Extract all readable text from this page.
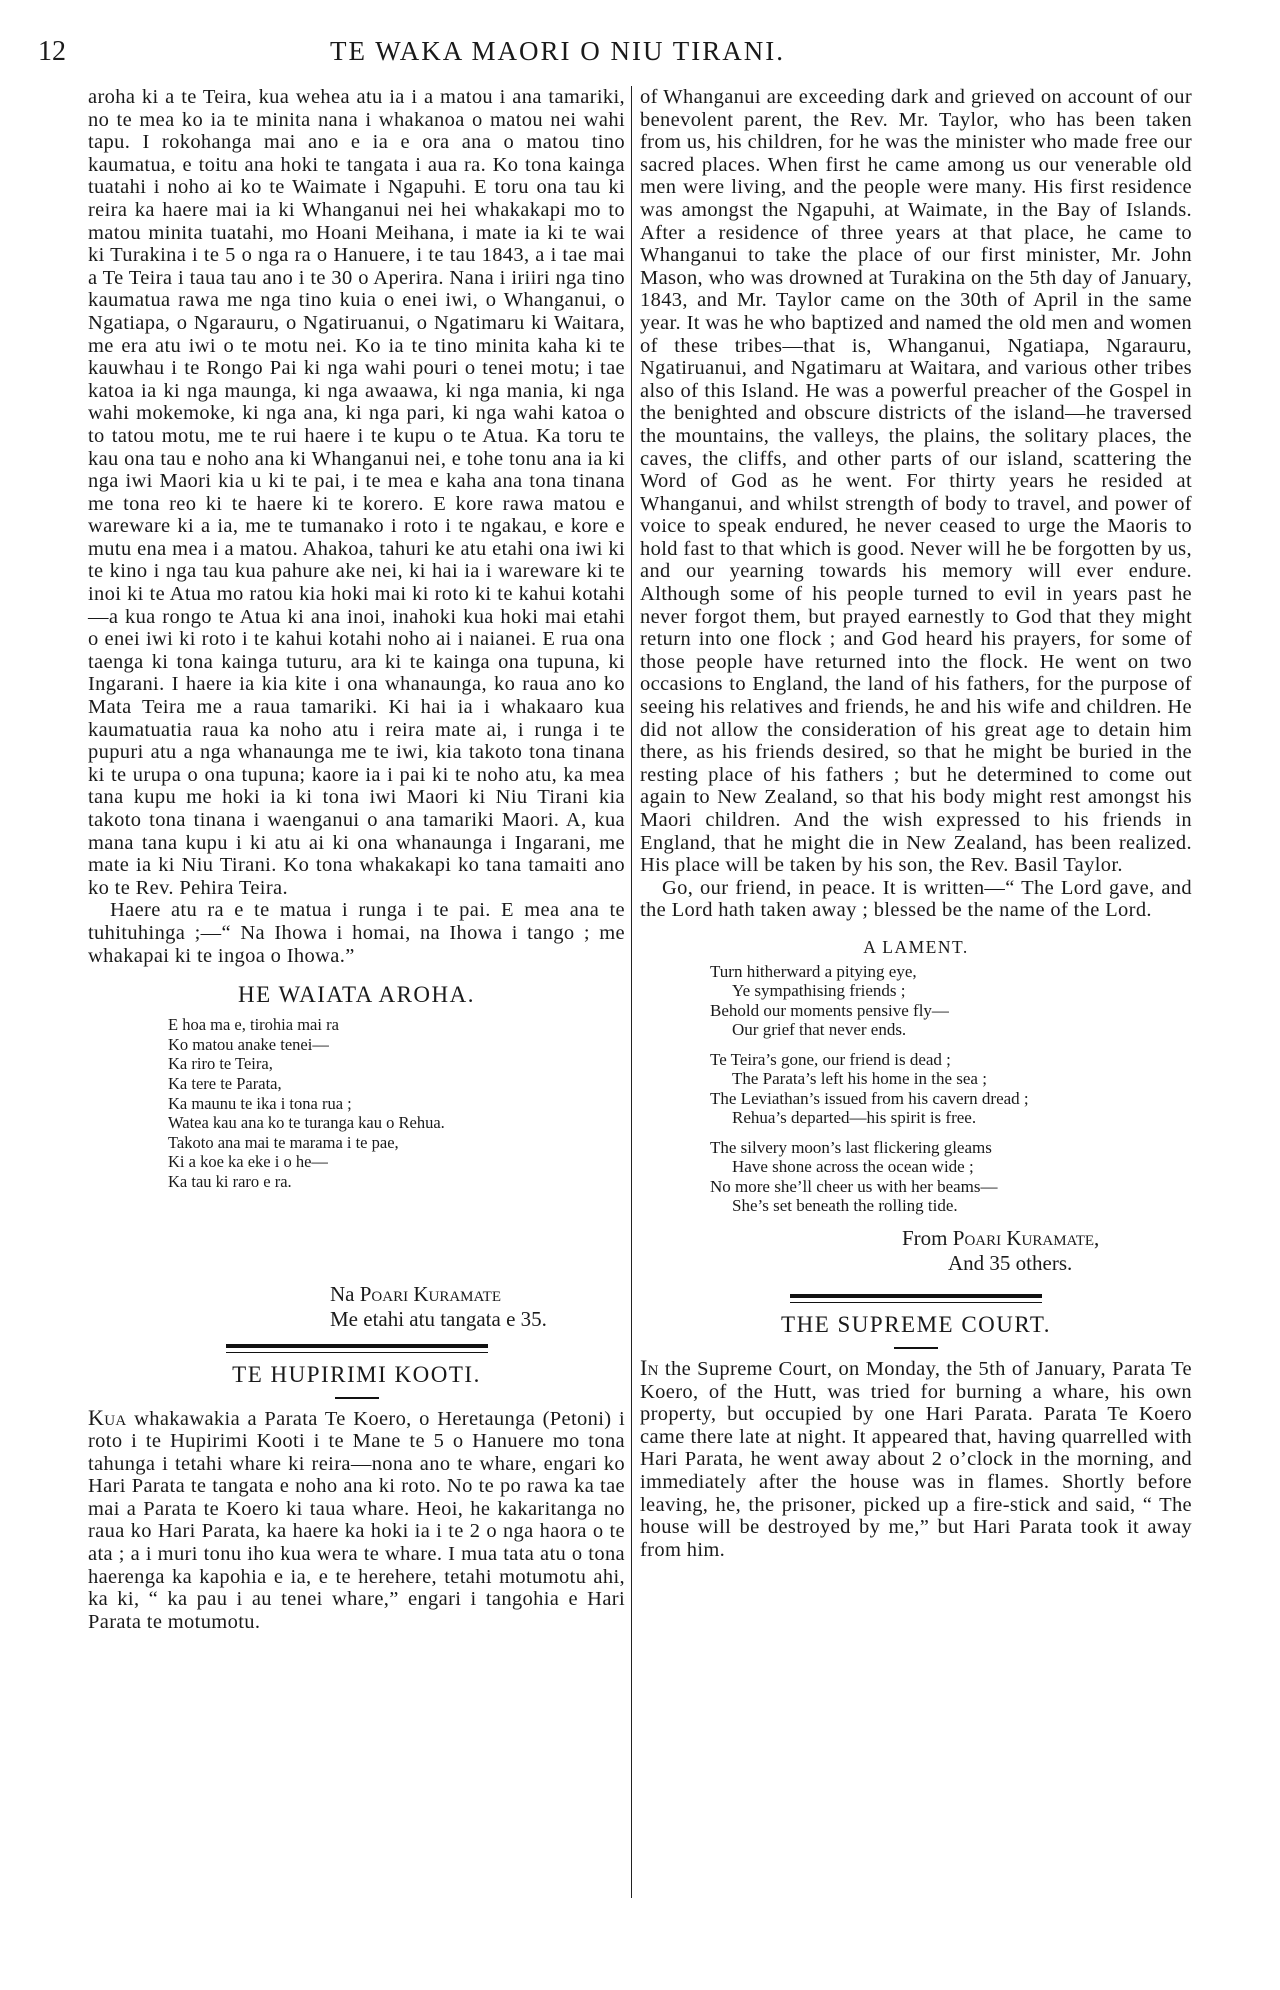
12	TE WAKA MAORI O NIU TIRANI.

aroha ki a te Teira, kua wehea atu ia i a matou i ana tamariki, no te mea ko ia te minita nana i whakanoa o matou nei wahi tapu. I rokohanga mai ano e ia e ora ana o matou tino kaumatua, e toitu ana hoki te tangata i aua ra. Ko tona kainga tuatahi i noho ai ko te Waimate i Ngapuhi. E toru ona tau ki reira ka haere mai ia ki Whanganui nei hei whakakapi mo to matou minita tuatahi, mo Hoani Meihana, i mate ia ki te wai ki Turakina i te 5 o nga ra o Hanuere, i te tau 1843, a i tae mai a Te Teira i taua tau ano i te 30 o Aperira. Nana i iriiri nga tino kaumatua rawa me nga tino kuia o enei iwi, o Whanganui, o Ngatiapa, o Ngarauru, o Ngatiruanui, o Ngatimaru ki Waitara, me era atu iwi o te motu nei. Ko ia te tino minita kaha ki te kauwhau i te Rongo Pai ki nga wahi pouri o tenei motu; i tae katoa ia ki nga maunga, ki nga awaawa, ki nga mania, ki nga wahi mokemoke, ki nga ana, ki nga pari, ki nga wahi katoa o to tatou motu, me te rui haere i te kupu o te Atua. Ka toru te kau ona tau e noho ana ki Whanganui nei, e tohe tonu ana ia ki nga iwi Maori kia u ki te pai, i te mea e kaha ana tona tinana me tona reo ki te haere ki te korero. E kore rawa matou e wareware ki a ia, me te tumanako i roto i te ngakau, e kore e mutu ena mea i a matou. Ahakoa, tahuri ke atu etahi ona iwi ki te kino i nga tau kua pahure ake nei, ki hai ia i wareware ki te inoi ki te Atua mo ratou kia hoki mai ki roto ki te kahui kotahi—a kua rongo te Atua ki ana inoi, inahoki kua hoki mai etahi o enei iwi ki roto i te kahui kotahi noho ai i naianei. E rua ona taenga ki tona kainga tuturu, ara ki te kainga ona tupuna, ki Ingarani. I haere ia kia kite i ona whanaunga, ko raua ano ko Mata Teira me a raua tamariki. Ki hai ia i whakaaro kua kaumatuatia raua ka noho atu i reira mate ai, i runga i te pupuri atu a nga whanaunga me te iwi, kia takoto tona tinana ki te urupa o ona tupuna; kaore ia i pai ki te noho atu, ka mea tana kupu me hoki ia ki tona iwi Maori ki Niu Tirani kia takoto tona tinana i waenganui o ana tamariki Maori. A, kua mana tana kupu i ki atu ai ki ona whanaunga i Ingarani, me mate ia ki Niu Tirani. Ko tona whakakapi ko tana tamaiti ano ko te Rev. Pehira Teira.

Haere atu ra e te matua i runga i te pai. E mea ana te tuhituhinga ;—“ Na Ihowa i homai, na Ihowa i tango ; me whakapai ki te ingoa o Ihowa.”

HE WAIATA AROHA.
E hoa ma e, tirohia mai ra
Ko matou anake tenei—
Ka riro te Teira,
Ka tere te Parata,
Ka maunu te ika i tona rua ;
Watea kau ana ko te turanga kau o Rehua.
Takoto ana mai te marama i te pae,
Ki a koe ka eke i o he—
Ka tau ki raro e ra.
Na Poari Kuramate
Me etahi atu tangata e 35.
TE HUPIRIMI KOOTI.

Kua whakawakia a Parata Te Koero, o Heretaunga (Petoni) i roto i te Hupirimi Kooti i te Mane te 5 o Hanuere mo tona tahunga i tetahi whare ki reira—nona ano te whare, engari ko Hari Parata te tangata e noho ana ki roto. No te po rawa ka tae mai a Parata te Koero ki taua whare. Heoi, he kakaritanga no raua ko Hari Parata, ka haere ka hoki ia i te 2 o nga haora o te ata ; a i muri tonu iho kua wera te whare. I mua tata atu o tona haerenga ka kapohia e ia, e te herehere, tetahi motumotu ahi, ka ki, “ ka pau i au tenei whare,” engari i tangohia e Hari Parata te motumotu.

of Whanganui are exceeding dark and grieved on account of our benevolent parent, the Rev. Mr. Taylor, who has been taken from us, his children, for he was the minister who made free our sacred places. When first he came among us our venerable old men were living, and the people were many. His first residence was amongst the Ngapuhi, at Waimate, in the Bay of Islands. After a residence of three years at that place, he came to Whanganui to take the place of our first minister, Mr. John Mason, who was drowned at Turakina on the 5th day of January, 1843, and Mr. Taylor came on the 30th of April in the same year. It was he who baptized and named the old men and women of these tribes—that is, Whanganui, Ngatiapa, Ngarauru, Ngatiruanui, and Ngatimaru at Waitara, and various other tribes also of this Island. He was a powerful preacher of the Gospel in the benighted and obscure districts of the island—he traversed the mountains, the valleys, the plains, the solitary places, the caves, the cliffs, and other parts of our island, scattering the Word of God as he went. For thirty years he resided at Whanganui, and whilst strength of body to travel, and power of voice to speak endured, he never ceased to urge the Maoris to hold fast to that which is good. Never will he be forgotten by us, and our yearning towards his memory will ever endure. Although some of his people turned to evil in years past he never forgot them, but prayed earnestly to God that they might return into one flock ; and God heard his prayers, for some of those people have returned into the flock. He went on two occasions to England, the land of his fathers, for the purpose of seeing his relatives and friends, he and his wife and children. He did not allow the consideration of his great age to detain him there, as his friends desired, so that he might be buried in the resting place of his fathers ; but he determined to come out again to New Zealand, so that his body might rest amongst his Maori children. And the wish expressed to his friends in England, that he might die in New Zealand, has been realized. His place will be taken by his son, the Rev. Basil Taylor.

Go, our friend, in peace. It is written—“ The Lord gave, and the Lord hath taken away ; blessed be the name of the Lord.

A LAMENT.
Turn hitherward a pitying eye,
Ye sympathising friends ;
Behold our moments pensive fly—
Our grief that never ends.
Te Teira’s gone, our friend is dead ;
The Parata’s left his home in the sea ;
The Leviathan’s issued from his cavern dread ;
Rehua’s departed—his spirit is free.
The silvery moon’s last flickering gleams
Have shone across the ocean wide ;
No more she’ll cheer us with her beams—
She’s set beneath the rolling tide.
From Poari Kuramate,
And 35 others.
THE SUPREME COURT.

In the Supreme Court, on Monday, the 5th of January, Parata Te Koero, of the Hutt, was tried for burning a whare, his own property, but occupied by one Hari Parata. Parata Te Koero came there late at night. It appeared that, having quarrelled with Hari Parata, he went away about 2 o’clock in the morning, and immediately after the house was in flames. Shortly before leaving, he, the prisoner, picked up a fire-stick and said, “ The house will be destroyed by me,” but Hari Parata took it away from him.
